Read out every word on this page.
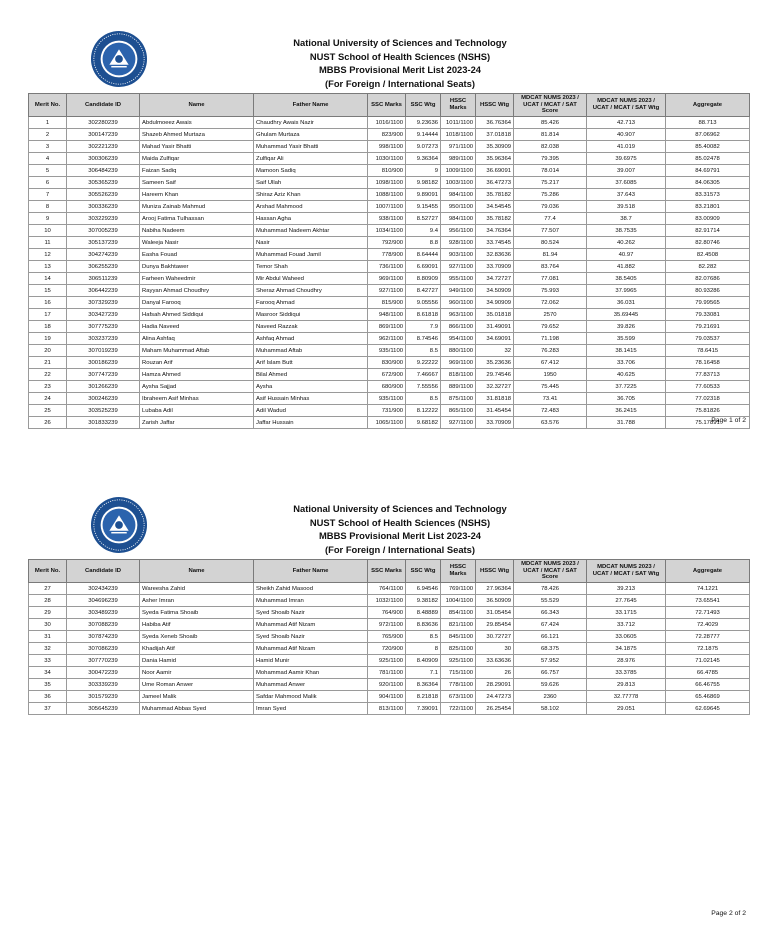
National University of Sciences and Technology
NUST School of Health Sciences (NSHS)
MBBS Provisional Merit List 2023-24
(For Foreign / International Seats)
Merit No.	Candidate ID	Name	Father Name	SSC Marks	SSC Wtg	HSSC Marks	HSSC Wtg	MDCAT NUMS 2023 / UCAT / MCAT / SAT Score	MDCAT NUMS 2023 / UCAT / MCAT / SAT Wtg	Aggregate
1	302280239	Abdulmoeez Awais	Chaudhry Awais Nazir	1016/1100	9.23636	1011/1100	36.76364	85.426	42.713	88.713
2	300147239	Shazeb Ahmed Murtaza	Ghulam Murtaza	823/900	9.14444	1018/1100	37.01818	81.814	40.907	87.06962
3	302221239	Mahad Yasir Bhatti	Muhammad Yasir Bhatti	998/1100	9.07273	971/1100	35.30909	82.038	41.019	85.40082
4	300306239	Maida Zulfiqar	Zulfiqar Ali	1030/1100	9.36364	989/1100	35.96364	79.395	39.6975	85.02478
5	306484239	Faizan Sadiq	Mamoon Sadiq	810/900	9	1009/1100	36.69091	78.014	39.007	84.69791
6	305365239	Sameen Saif	Saif Ullah	1098/1100	9.98182	1003/1100	36.47273	75.217	37.6085	84.06305
7	305526239	Hareem Khan	Shiraz Aziz Khan	1088/1100	9.89091	984/1100	35.78182	75.286	37.643	83.31573
8	300336239	Muniza Zainab Mahmud	Arshad Mahmood	1007/1100	9.15455	950/1100	34.54545	79.036	39.518	83.21801
9	303229239	Arooj Fatima Tulhassan	Hassan Agha	938/1100	8.52727	984/1100	35.78182	77.4	38.7	83.00909
10	307005239	Nabiha Nadeem	Muhammad Nadeem Akhtar	1034/1100	9.4	956/1100	34.76364	77.507	38.7535	82.91714
11	305137239	Waleeja Nasir	Nasir	792/900	8.8	928/1100	33.74545	80.524	40.262	82.80746
12	304274239	Easha Fouad	Muhammad Fouad Jamil	778/900	8.64444	903/1100	32.83636	81.94	40.97	82.4508
13	306255239	Dunya Bakhtawer	Temor Shah	736/1100	6.69091	927/1100	33.70909	83.764	41.882	82.282
14	306511239	Farheen Waheedmir	Mir Abdul Waheed	969/1100	8.80909	955/1100	34.72727	77.081	38.5405	82.07686
15	306442239	Rayyan Ahmad Choudhry	Sheraz Ahmad Choudhry	927/1100	8.42727	949/1100	34.50909	75.993	37.9965	80.93286
16	307329239	Danyal Farooq	Farooq Ahmad	815/900	9.05556	960/1100	34.90909	72.062	36.031	79.99565
17	303427239	Hafsah Ahmed Siddiqui	Masroor Siddiqui	948/1100	8.61818	963/1100	35.01818	2570	35.69445	79.33081
18	307775239	Hadia Naveed	Naveed Razzak	869/1100	7.9	866/1100	31.49091	79.652	39.826	79.21691
19	303237239	Alina Ashfaq	Ashfaq Ahmad	962/1100	8.74546	954/1100	34.69091	71.198	35.599	79.03537
20	307019239	Maham Muhammad Aftab	Muhammad Aftab	935/1100	8.5	880/1100	32	76.283	38.1415	78.6415
21	300186239	Rouzan Arif	Arif Islam Butt	830/900	9.22222	969/1100	35.23636	67.412	33.706	78.16458
22	307747239	Hamza Ahmed	Bilal Ahmed	672/900	7.46667	818/1100	29.74546	1950	40.625	77.83713
23	301266239	Aysha Sajjad	Aysha	680/900	7.55556	889/1100	32.32727	75.445	37.7225	77.60533
24	300246239	Ibraheem Asif Minhas	Asif Hussain Minhas	935/1100	8.5	875/1100	31.81818	73.41	36.705	77.02318
25	303525239	Lubaba Adil	Adil Wadud	731/900	8.12222	865/1100	31.45454	72.483	36.2415	75.81826
26	301833239	Zarish Jaffar	Jaffar Hussain	1065/1100	9.68182	927/1100	33.70909	63.576	31.788	75.17891
Page 1 of 2
National University of Sciences and Technology
NUST School of Health Sciences (NSHS)
MBBS Provisional Merit List 2023-24
(For Foreign / International Seats)
Merit No.	Candidate ID	Name	Father Name	SSC Marks	SSC Wtg	HSSC Marks	HSSC Wtg	MDCAT NUMS 2023 / UCAT / MCAT / SAT Score	MDCAT NUMS 2023 / UCAT / MCAT / SAT Wtg	Aggregate
27	302434239	Wareesha Zahid	Sheikh Zahid Masood	764/1100	6.94546	769/1100	27.96364	78.426	39.213	74.1221
28	304696239	Asher Imran	Muhammad Imran	1032/1100	9.38182	1004/1100	36.50909	55.529	27.7645	73.65541
29	303489239	Syeda Fatima Shoaib	Syed Shoaib Nazir	764/900	8.48889	854/1100	31.05454	66.343	33.1715	72.71493
30	307088239	Habiba Atif	Muhammad Atif Nizam	972/1100	8.83636	821/1100	29.85454	67.424	33.712	72.4029
31	307874239	Syeda Xeneb Shoaib	Syed Shoaib Nazir	765/900	8.5	845/1100	30.72727	66.121	33.0605	72.28777
32	307086239	Khadijah Atif	Muhammad Atif Nizam	720/900	8	825/1100	30	68.375	34.1875	72.1875
33	307770239	Dania Hamid	Hamid Munir	925/1100	8.40909	925/1100	33.63636	57.952	28.976	71.02145
34	300472239	Noor Aamir	Mohammad Aamir Khan	781/1100	7.1	715/1100	26	66.757	33.3785	66.4785
35	303339239	Ume Roman Anwer	Muhammad Anwer	920/1100	8.36364	778/1100	28.29091	59.626	29.813	66.46755
36	301579239	Jameel Malik	Safdar Mahmood Malik	904/1100	8.21818	673/1100	24.47273	2360	32.77778	65.46869
37	305645239	Muhammad Abbas Syed	Imran Syed	813/1100	7.39091	722/1100	26.25454	58.102	29.051	62.69645
Page 2 of 2
